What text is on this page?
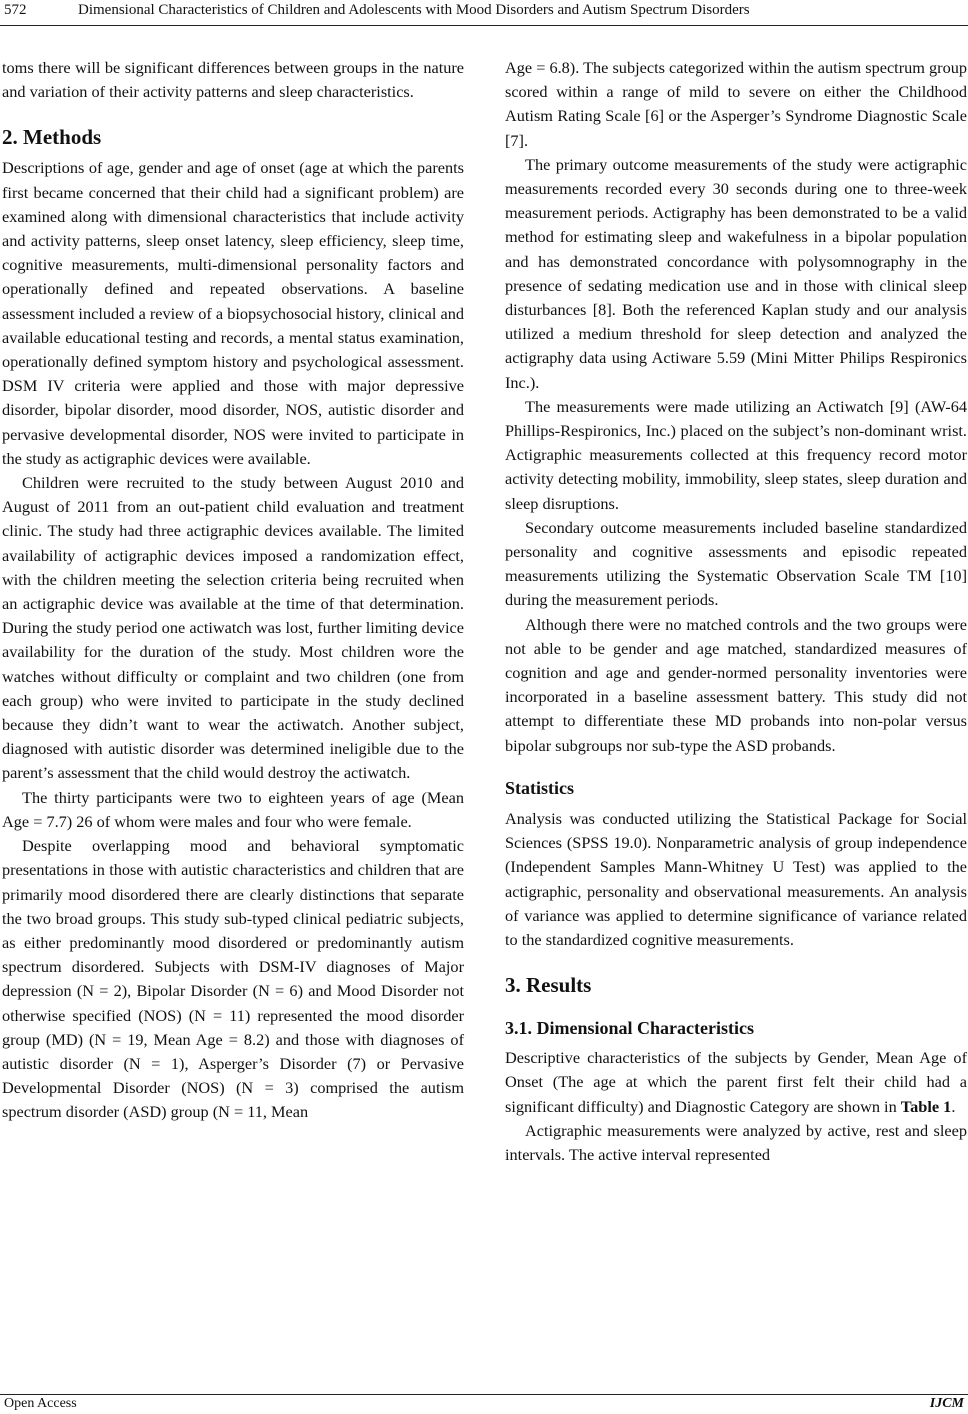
572	Dimensional Characteristics of Children and Adolescents with Mood Disorders and Autism Spectrum Disorders

toms there will be significant differences between groups in the nature and variation of their activity patterns and sleep characteristics.

2. Methods

Descriptions of age, gender and age of onset (age at which the parents first became concerned that their child had a significant problem) are examined along with dimensional characteristics that include activity and activity patterns, sleep onset latency, sleep efficiency, sleep time, cognitive measurements, multi-dimensional personality factors and operationally defined and repeated observations. A baseline assessment included a review of a biopsychosocial history, clinical and available educational testing and records, a mental status examination, operationally defined symptom history and psychological assessment. DSM IV criteria were applied and those with major depressive disorder, bipolar disorder, mood disorder, NOS, autistic disorder and pervasive developmental disorder, NOS were invited to participate in the study as actigraphic devices were available.

Children were recruited to the study between August 2010 and August of 2011 from an out-patient child evaluation and treatment clinic. The study had three actigraphic devices available. The limited availability of actigraphic devices imposed a randomization effect, with the children meeting the selection criteria being recruited when an actigraphic device was available at the time of that determination. During the study period one actiwatch was lost, further limiting device availability for the duration of the study. Most children wore the watches without difficulty or complaint and two children (one from each group) who were invited to participate in the study declined because they didn’t want to wear the actiwatch. Another subject, diagnosed with autistic disorder was determined ineligible due to the parent’s assessment that the child would destroy the actiwatch.

The thirty participants were two to eighteen years of age (Mean Age = 7.7) 26 of whom were males and four who were female.

Despite overlapping mood and behavioral symptomatic presentations in those with autistic characteristics and children that are primarily mood disordered there are clearly distinctions that separate the two broad groups. This study sub-typed clinical pediatric subjects, as either predominantly mood disordered or predominantly autism spectrum disordered. Subjects with DSM-IV diagnoses of Major depression (N = 2), Bipolar Disorder (N = 6) and Mood Disorder not otherwise specified (NOS) (N = 11) represented the mood disorder group (MD) (N = 19, Mean Age = 8.2) and those with diagnoses of autistic disorder (N = 1), Asperger’s Disorder (7) or Pervasive Developmental Disorder (NOS) (N = 3) comprised the autism spectrum disorder (ASD) group (N = 11, Mean

Age = 6.8). The subjects categorized within the autism spectrum group scored within a range of mild to severe on either the Childhood Autism Rating Scale [6] or the Asperger’s Syndrome Diagnostic Scale [7].

The primary outcome measurements of the study were actigraphic measurements recorded every 30 seconds during one to three-week measurement periods. Actigraphy has been demonstrated to be a valid method for estimating sleep and wakefulness in a bipolar population and has demonstrated concordance with polysomnography in the presence of sedating medication use and in those with clinical sleep disturbances [8]. Both the referenced Kaplan study and our analysis utilized a medium threshold for sleep detection and analyzed the actigraphy data using Actiware 5.59 (Mini Mitter Philips Respironics Inc.).

The measurements were made utilizing an Actiwatch [9] (AW-64 Phillips-Respironics, Inc.) placed on the subject’s non-dominant wrist. Actigraphic measurements collected at this frequency record motor activity detecting mobility, immobility, sleep states, sleep duration and sleep disruptions.

Secondary outcome measurements included baseline standardized personality and cognitive assessments and episodic repeated measurements utilizing the Systematic Observation Scale TM [10] during the measurement periods.

Although there were no matched controls and the two groups were not able to be gender and age matched, standardized measures of cognition and age and gender-normed personality inventories were incorporated in a baseline assessment battery. This study did not attempt to differentiate these MD probands into non-polar versus bipolar subgroups nor sub-type the ASD probands.

Statistics

Analysis was conducted utilizing the Statistical Package for Social Sciences (SPSS 19.0). Nonparametric analysis of group independence (Independent Samples Mann-Whitney U Test) was applied to the actigraphic, personality and observational measurements. An analysis of variance was applied to determine significance of variance related to the standardized cognitive measurements.

3. Results
3.1. Dimensional Characteristics

Descriptive characteristics of the subjects by Gender, Mean Age of Onset (The age at which the parent first felt their child had a significant difficulty) and Diagnostic Category are shown in Table 1.

Actigraphic measurements were analyzed by active, rest and sleep intervals. The active interval represented

Open Access	IJCM
